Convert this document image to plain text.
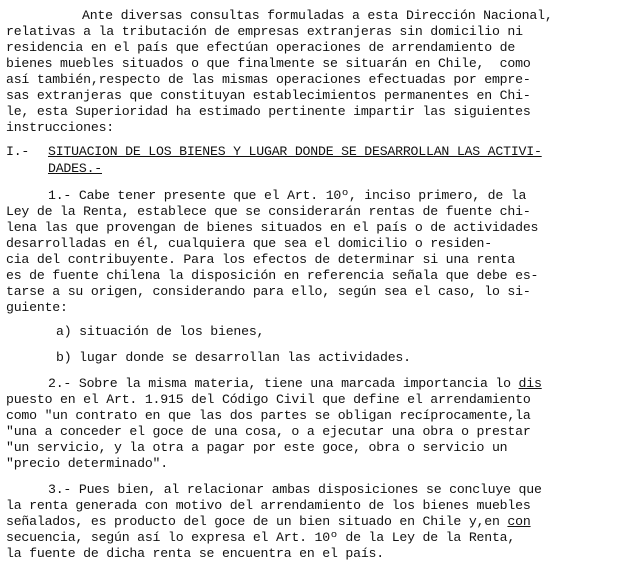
Ante diversas consultas formuladas a esta Dirección Nacional,
relativas a la tributación de empresas extranjeras sin domicilio ni
residencia en el país que efectúan operaciones de arrendamiento de
bienes muebles situados o que finalmente se situarán en Chile,  como
así también,respecto de las mismas operaciones efectuadas por empre-
sas extranjeras que constituyan establecimientos permanentes en Chi-
le, esta Superioridad ha estimado pertinente impartir las siguientes
instrucciones:
I.- SITUACION DE LOS BIENES Y LUGAR DONDE SE DESARROLLAN LAS ACTIVI-
DADES.-
1.- Cabe tener presente que el Art. 10º, inciso primero, de la
Ley de la Renta, establece que se considerarán rentas de fuente chi-
lena las que provengan de bienes situados en el país o de actividades
desarrolladas en él, cualquiera que sea el domicilio o residen-
cia del contribuyente. Para los efectos de determinar si una renta
es de fuente chilena la disposición en referencia señala que debe es-
tarse a su origen, considerando para ello, según sea el caso, lo si-
guiente:
a) situación de los bienes,
b) lugar donde se desarrollan las actividades.
2.- Sobre la misma materia, tiene una marcada importancia lo dis
puesto en el Art. 1.915 del Código Civil que define el arrendamiento
como "un contrato en que las dos partes se obligan recíprocamente,la
"una a conceder el goce de una cosa, o a ejecutar una obra o prestar
"un servicio, y la otra a pagar por este goce, obra o servicio un
"precio determinado".
3.- Pues bien, al relacionar ambas disposiciones se concluye que
la renta generada con motivo del arrendamiento de los bienes muebles
señalados, es producto del goce de un bien situado en Chile y,en con
secuencia, según así lo expresa el Art. 10º de la Ley de la Renta,
la fuente de dicha renta se encuentra en el país.
